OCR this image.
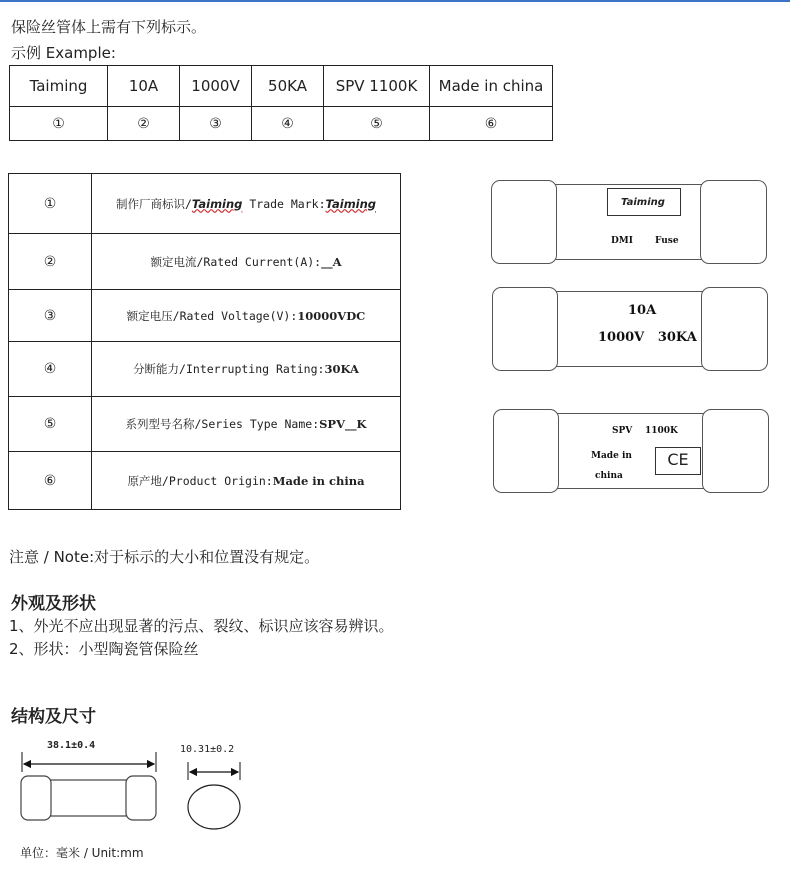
保险丝管体上需有下列标示。
示例 Example:
Taiming	10A	1000V	50KA	SPV 1100K	Made in china
①	②	③	④	⑤	⑥
①	制作厂商标识/Taiming Trade Mark:Taiming
②	额定电流/Rated Current(A):__A
③	额定电压/Rated Voltage(V):10000VDC
④	分断能力/Interrupting Rating:30KA
⑤	系列型号名称/Series Type Name:SPV__K
⑥	原产地/Product Origin:Made in china
Taiming
DMI Fuse
10A
1000V   30KA
SPV 1100K
Made in
china
CE
注意 / Note:对于标示的大小和位置没有规定。
外观及形状
1、外光不应出现显著的污点、裂纹、标识应该容易辨识。
2、形状：小型陶瓷管保险丝
结构及尺寸
38.1±0.4	10.31±0.2
单位：毫米 / Unit:mm
